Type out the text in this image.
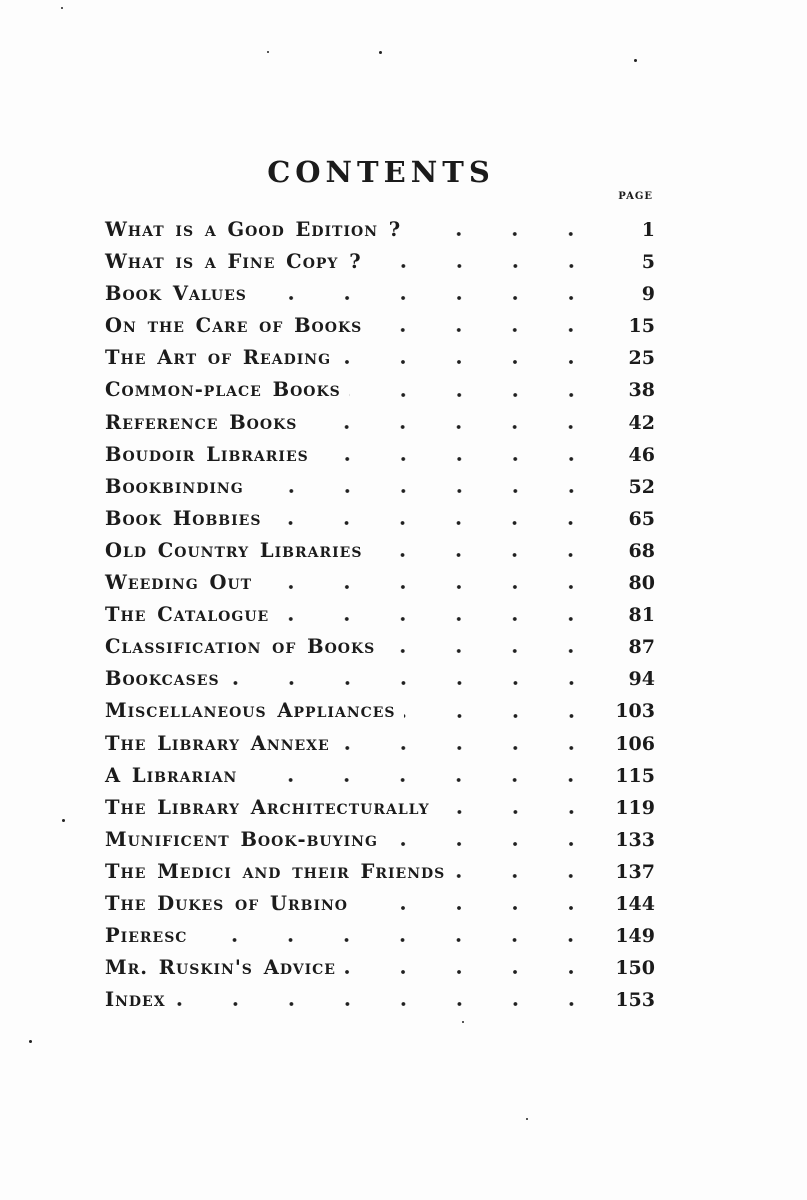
CONTENTS
PAGE
What is a Good Edition ?	1
What is a Fine Copy ?	5
Book Values	9
On the Care of Books	15
The Art of Reading	25
Common-place Books	38
Reference Books	42
Boudoir Libraries	46
Bookbinding	52
Book Hobbies	65
Old Country Libraries	68
Weeding Out	80
The Catalogue	81
Classification of Books	87
Bookcases	94
Miscellaneous Appliances	103
The Library Annexe	106
A Librarian	115
The Library Architecturally	119
Munificent Book-buying	133
The Medici and their Friends	137
The Dukes of Urbino	144
Pieresc	149
Mr. Ruskin's Advice	150
Index	153
